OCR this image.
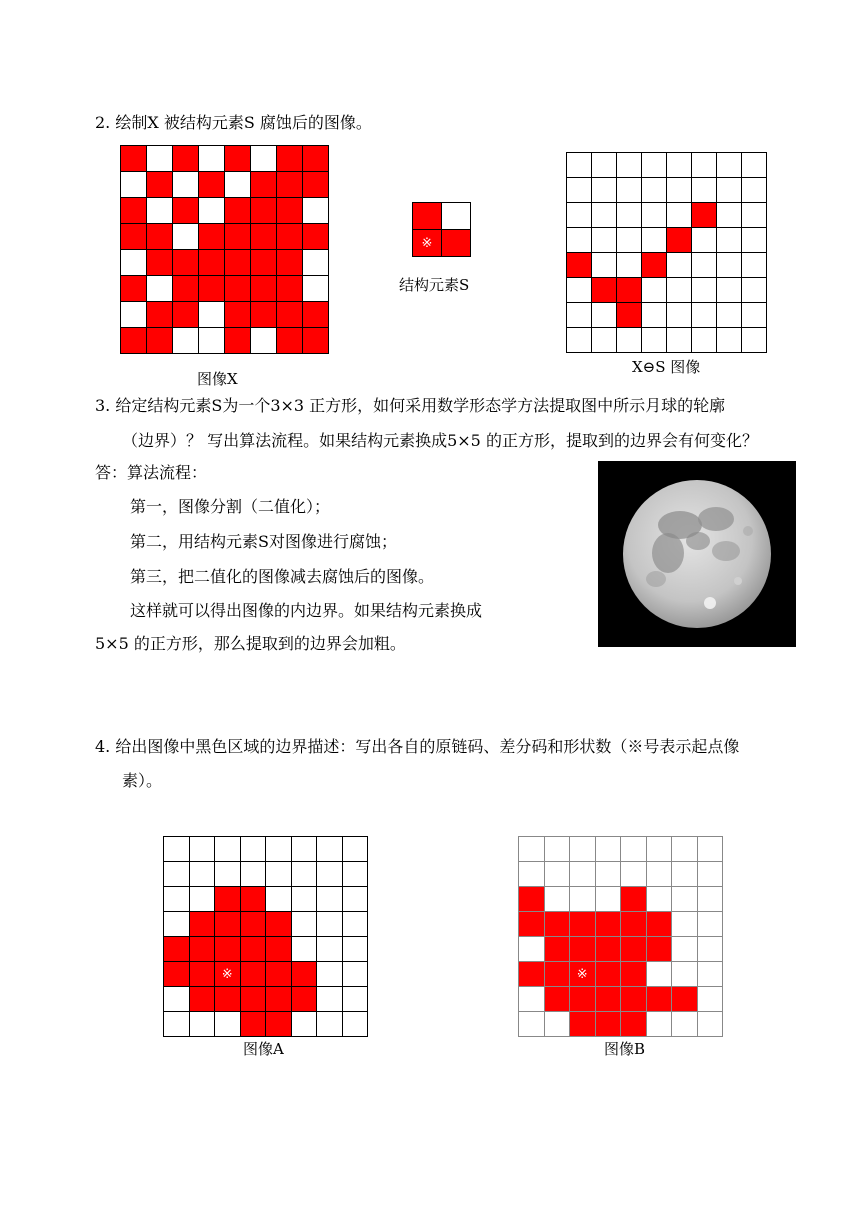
2. 绘制X 被结构元素S 腐蚀后的图像。
图像X
※
结构元素S
X⊖S 图像
3. 给定结构元素S为一个3×3 正方形，如何采用数学形态学方法提取图中所示月球的轮廓
（边界）？ 写出算法流程。如果结构元素换成5×5 的正方形，提取到的边界会有何变化？
答：算法流程：
第一，图像分割（二值化）；
第二，用结构元素S对图像进行腐蚀；
第三，把二值化的图像减去腐蚀后的图像。
这样就可以得出图像的内边界。如果结构元素换成
5×5 的正方形，那么提取到的边界会加粗。
4. 给出图像中黑色区域的边界描述：写出各自的原链码、差分码和形状数（※号表示起点像
素）。
※
图像A
※
图像B
